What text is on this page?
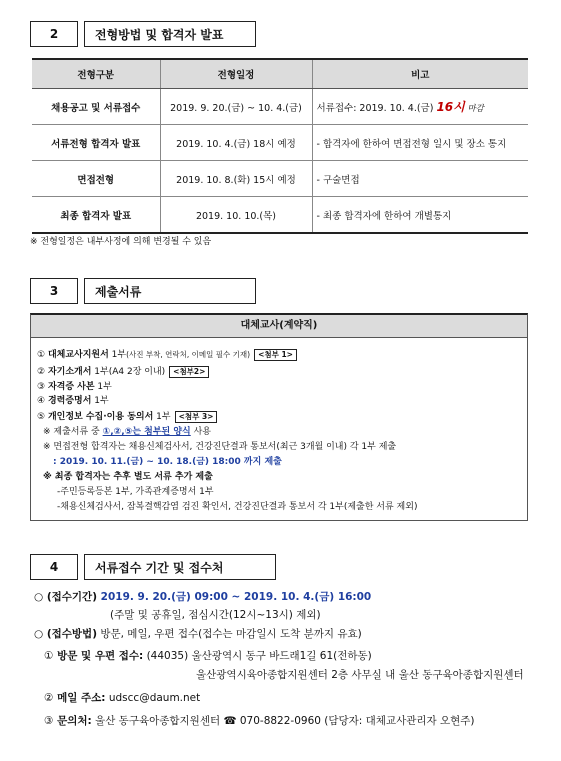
2	전형방법 및 합격자 발표
전형구분	전형일정	비고
채용공고 및 서류접수	2019. 9. 20.(금) ~ 10. 4.(금)	서류접수: 2019. 10. 4.(금) 16시 마감
서류전형 합격자 발표	2019. 10. 4.(금) 18시 예정	- 합격자에 한하여 면접전형 일시 및 장소 통지
면접전형	2019. 10. 8.(화) 15시 예정	- 구술면접
최종 합격자 발표	2019. 10. 10.(목)	- 최종 합격자에 한하여 개별통지
※ 전형일정은 내부사정에 의해 변경될 수 있음
3	제출서류
대체교사(계약직)
① 대체교사지원서 1부(사진 부착, 연락처, 이메일 필수 기재) <첨부 1>
② 자기소개서 1부(A4 2장 이내) <첨부2>
③ 자격증 사본 1부
④ 경력증명서 1부
⑤ 개인정보 수집·이용 동의서 1부 <첨부 3>
※ 제출서류 중 ①,②,⑤는 첨부된 양식 사용
※ 면접전형 합격자는 채용신체검사서, 건강진단결과 통보서(최근 3개월 이내) 각 1부 제출
: 2019. 10. 11.(금) ~ 10. 18.(금) 18:00 까지 제출
※ 최종 합격자는 추후 별도 서류 추가 제출
-주민등록등본 1부, 가족관계증명서 1부
-채용신체검사서, 잠복결핵감염 검진 확인서, 건강진단결과 통보서 각 1부(제출한 서류 제외)
4	서류접수 기간 및 접수처
○ (접수기간) 2019. 9. 20.(금) 09:00 ~ 2019. 10. 4.(금) 16:00
(주말 및 공휴일, 점심시간(12시~13시) 제외)
○ (접수방법) 방문, 메일, 우편 접수(접수는 마감일시 도착 분까지 유효)
① 방문 및 우편 접수: (44035) 울산광역시 동구 바드래1길 61(전하동)
울산광역시육아종합지원센터 2층 사무실 내 울산 동구육아종합지원센터
② 메일 주소: udscc@daum.net
③ 문의처: 울산 동구육아종합지원센터 ☎ 070-8822-0960 (담당자: 대체교사관리자 오현주)
